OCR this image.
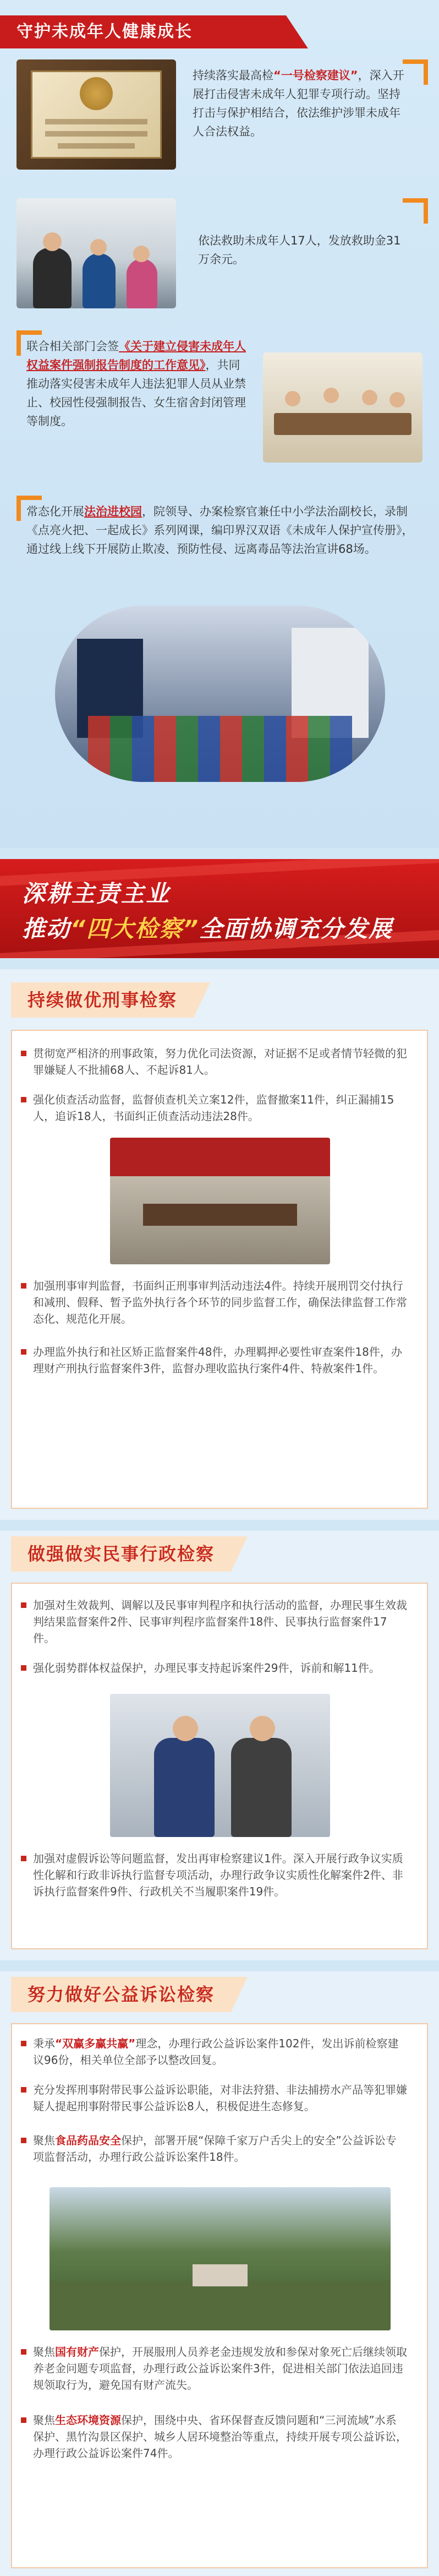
守护未成年人健康成长
持续落实最高检“一号检察建议”，深入开展打击侵害未成年人犯罪专项行动。坚持打击与保护相结合，依法维护涉罪未成年人合法权益。
依法救助未成年人17人，发放救助金31万余元。
联合相关部门会签《关于建立侵害未成年人权益案件强制报告制度的工作意见》，共同推动落实侵害未成年人违法犯罪人员从业禁止、校园性侵强制报告、女生宿舍封闭管理等制度。
常态化开展法治进校园，院领导、办案检察官兼任中小学法治副校长，录制《点亮火把、一起成长》系列网课，编印界汉双语《未成年人保护宣传册》，通过线上线下开展防止欺凌、预防性侵、远离毒品等法治宣讲68场。
深耕主责主业
推动“四大检察”全面协调充分发展
持续做优刑事检察
贯彻宽严相济的刑事政策，努力优化司法资源，对证据不足或者情节轻微的犯罪嫌疑人不批捕68人、不起诉81人。
强化侦查活动监督，监督侦查机关立案12件，监督撤案11件，纠正漏捕15人，追诉18人，书面纠正侦查活动违法28件。
加强刑事审判监督，书面纠正刑事审判活动违法4件。持续开展刑罚交付执行和减刑、假释、暂予监外执行各个环节的同步监督工作，确保法律监督工作常态化、规范化开展。
办理监外执行和社区矫正监督案件48件，办理羁押必要性审查案件18件，办理财产刑执行监督案件3件，监督办理收监执行案件4件、特赦案件1件。
做强做实民事行政检察
加强对生效裁判、调解以及民事审判程序和执行活动的监督，办理民事生效裁判结果监督案件2件、民事审判程序监督案件18件、民事执行监督案件17件。
强化弱势群体权益保护，办理民事支持起诉案件29件，诉前和解11件。
加强对虚假诉讼等问题监督，发出再审检察建议1件。深入开展行政争议实质性化解和行政非诉执行监督专项活动，办理行政争议实质性化解案件2件、非诉执行监督案件9件、行政机关不当履职案件19件。
努力做好公益诉讼检察
秉承“双赢多赢共赢”理念，办理行政公益诉讼案件102件，发出诉前检察建议96份，相关单位全部予以整改回复。
充分发挥刑事附带民事公益诉讼职能，对非法狩猎、非法捕捞水产品等犯罪嫌疑人提起刑事附带民事公益诉讼8人，积极促进生态修复。
聚焦食品药品安全保护，部署开展“保障千家万户舌尖上的安全”公益诉讼专项监督活动，办理行政公益诉讼案件18件。
聚焦国有财产保护，开展服刑人员养老金违规发放和参保对象死亡后继续领取养老金问题专项监督，办理行政公益诉讼案件3件，促进相关部门依法追回违规领取行为，避免国有财产流失。
聚焦生态环境资源保护，围绕中央、省环保督查反馈问题和“三河流域”水系保护、黑竹沟景区保护、城乡人居环境整治等重点，持续开展专项公益诉讼，办理行政公益诉讼案件74件。
